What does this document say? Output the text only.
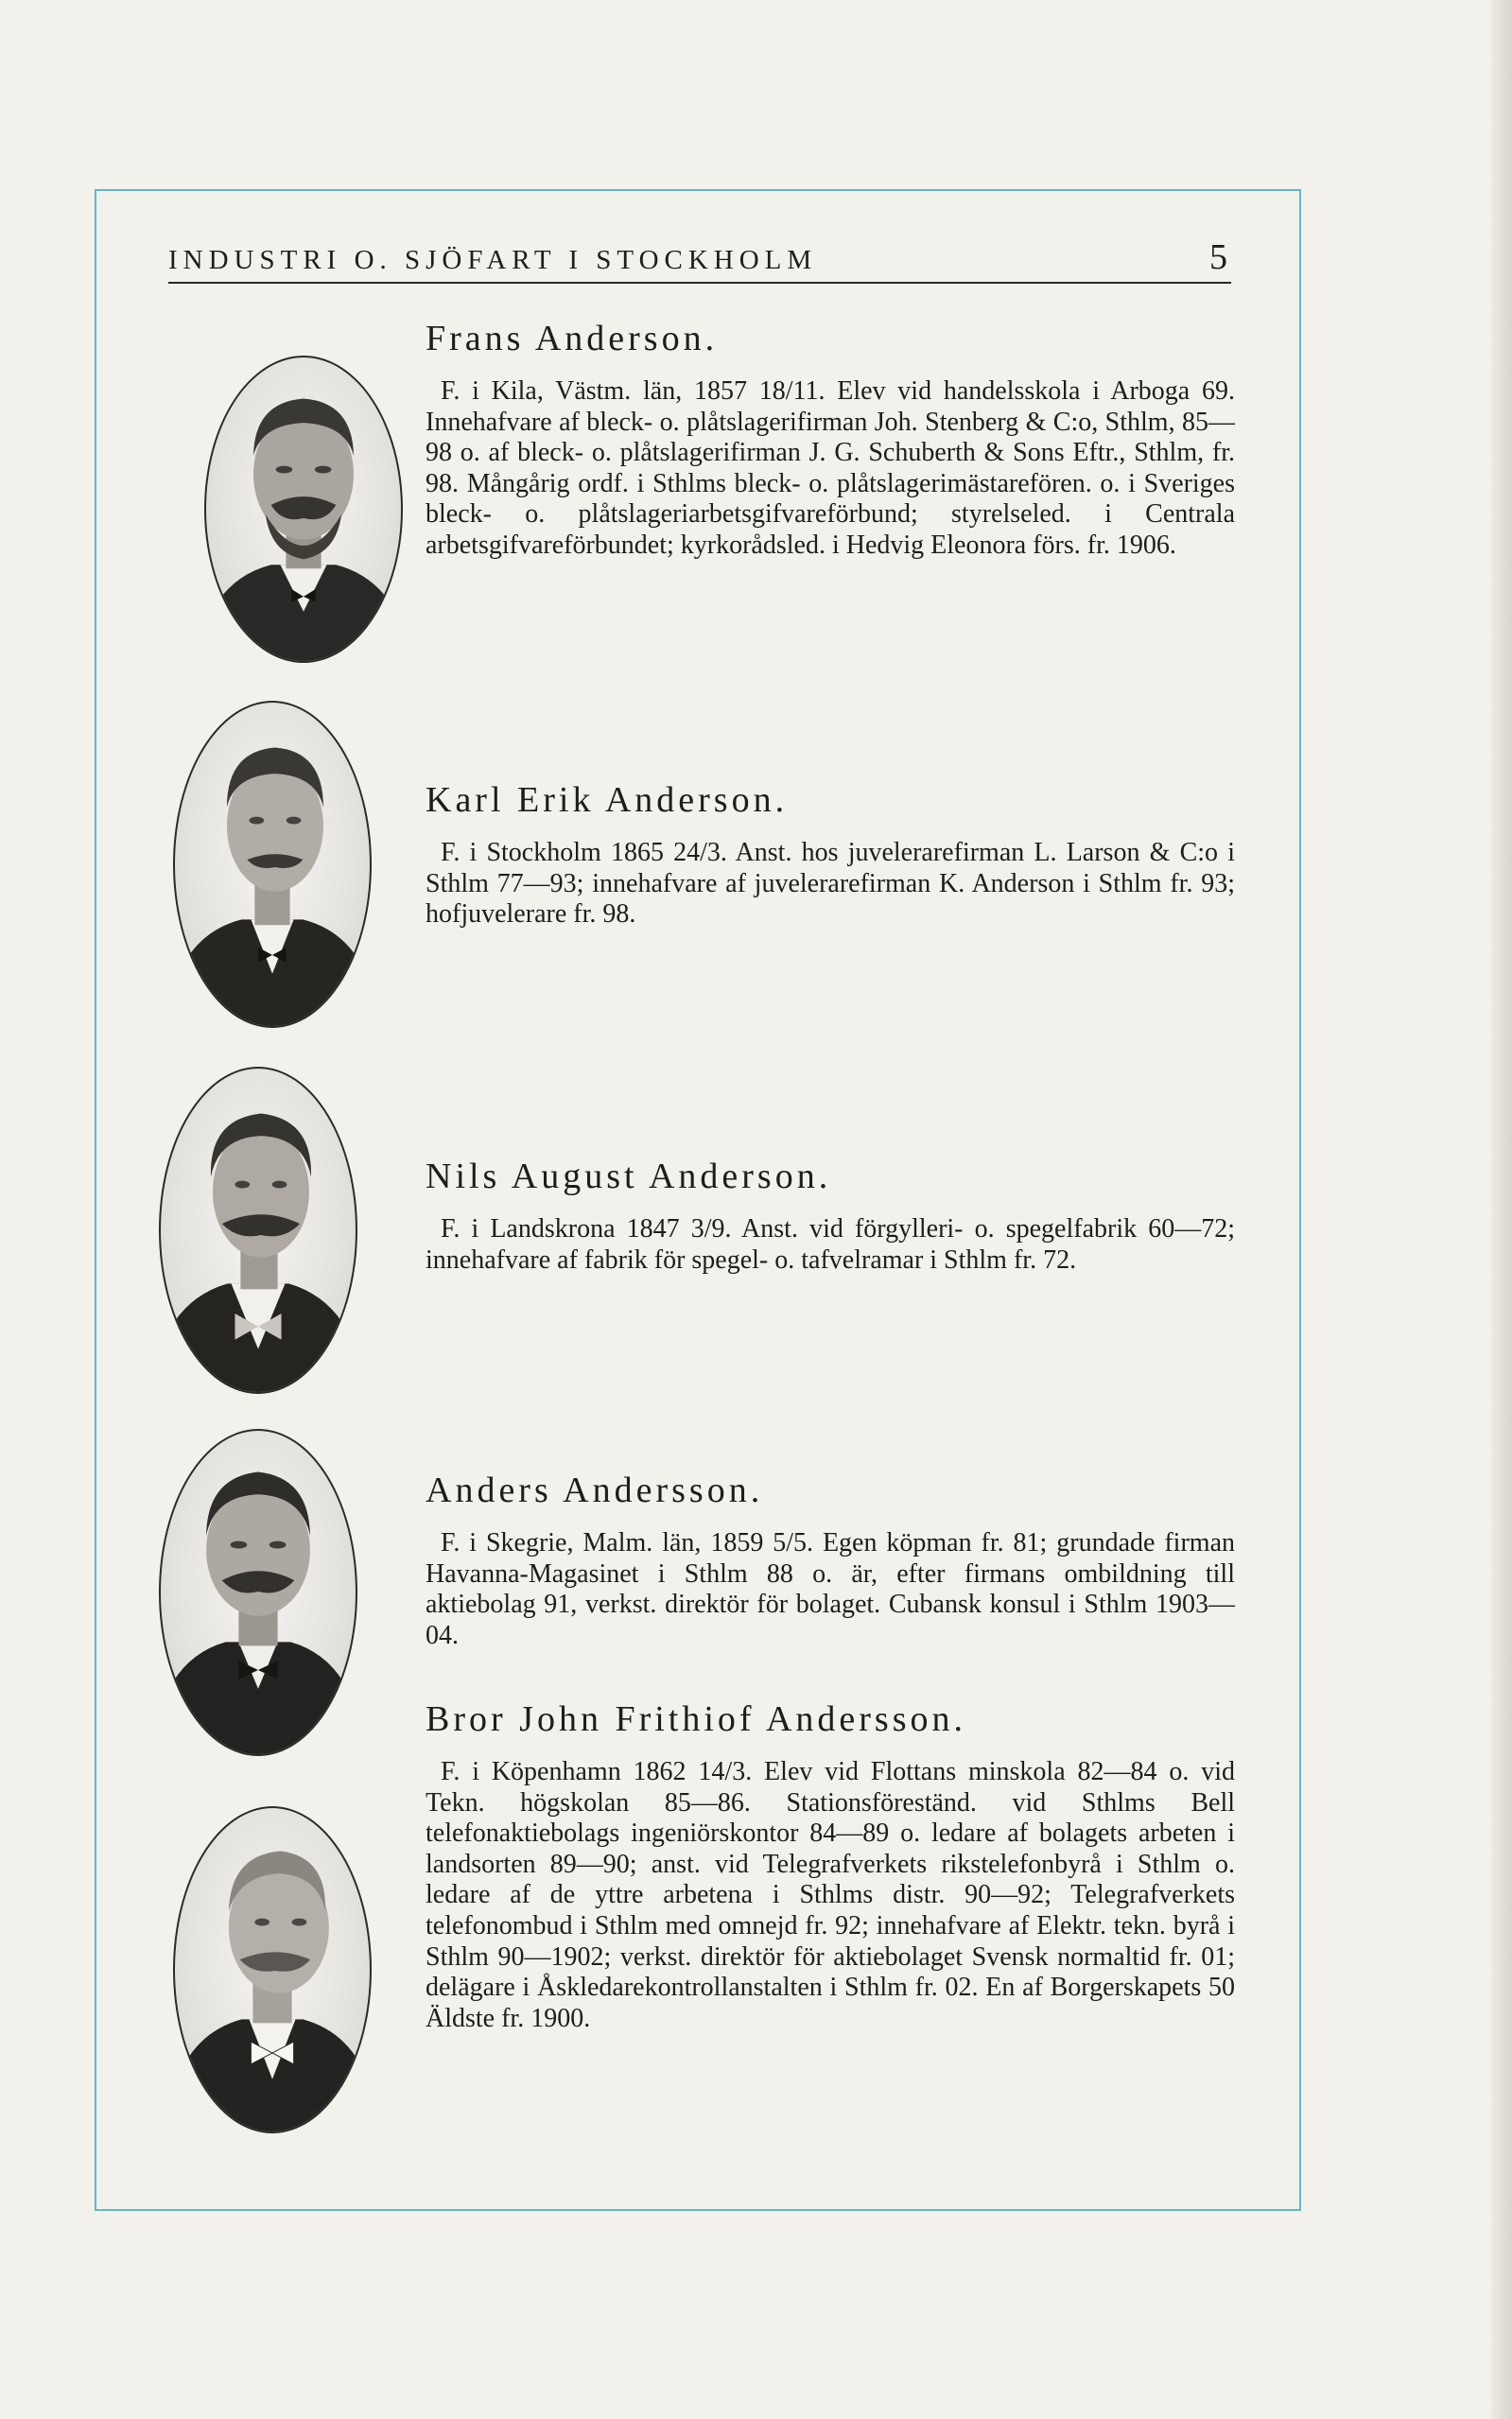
INDUSTRI O. SJÖFART I STOCKHOLM	5
Frans Anderson.

F. i Kila, Västm. län, 1857 18/11. Elev vid handelsskola i Arboga 69. Innehafvare af bleck- o. plåtslagerifirman Joh. Stenberg & C:o, Sthlm, 85—98 o. af bleck- o. plåtslagerifirman J. G. Schuberth & Sons Eftr., Sthlm, fr. 98. Mångårig ordf. i Sthlms bleck- o. plåtslagerimästarefören. o. i Sveriges bleck- o. plåtslageriarbetsgifvareförbund; styrelseled. i Centrala arbetsgifvareförbundet; kyrkorådsled. i Hedvig Eleonora förs. fr. 1906.

Karl Erik Anderson.

F. i Stockholm 1865 24/3. Anst. hos juvelerarefirman L. Larson & C:o i Sthlm 77—93; innehafvare af juvelerarefirman K. Anderson i Sthlm fr. 93; hofjuvelerare fr. 98.

Nils August Anderson.

F. i Landskrona 1847 3/9. Anst. vid förgylleri- o. spegelfabrik 60—72; innehafvare af fabrik för spegel- o. tafvelramar i Sthlm fr. 72.

Anders Andersson.

F. i Skegrie, Malm. län, 1859 5/5. Egen köpman fr. 81; grundade firman Havanna-Magasinet i Sthlm 88 o. är, efter firmans ombildning till aktiebolag 91, verkst. direktör för bolaget. Cubansk konsul i Sthlm 1903—04.

Bror John Frithiof Andersson.

F. i Köpenhamn 1862 14/3. Elev vid Flottans minskola 82—84 o. vid Tekn. högskolan 85—86. Stationsföreständ. vid Sthlms Bell telefonaktiebolags ingeniörskontor 84—89 o. ledare af bolagets arbeten i landsorten 89—90; anst. vid Telegrafverkets rikstelefonbyrå i Sthlm o. ledare af de yttre arbetena i Sthlms distr. 90—92; Telegrafverkets telefonombud i Sthlm med omnejd fr. 92; innehafvare af Elektr. tekn. byrå i Sthlm 90—1902; verkst. direktör för aktiebolaget Svensk normaltid fr. 01; delägare i Åskledarekontrollanstalten i Sthlm fr. 02. En af Borgerskapets 50 Äldste fr. 1900.
